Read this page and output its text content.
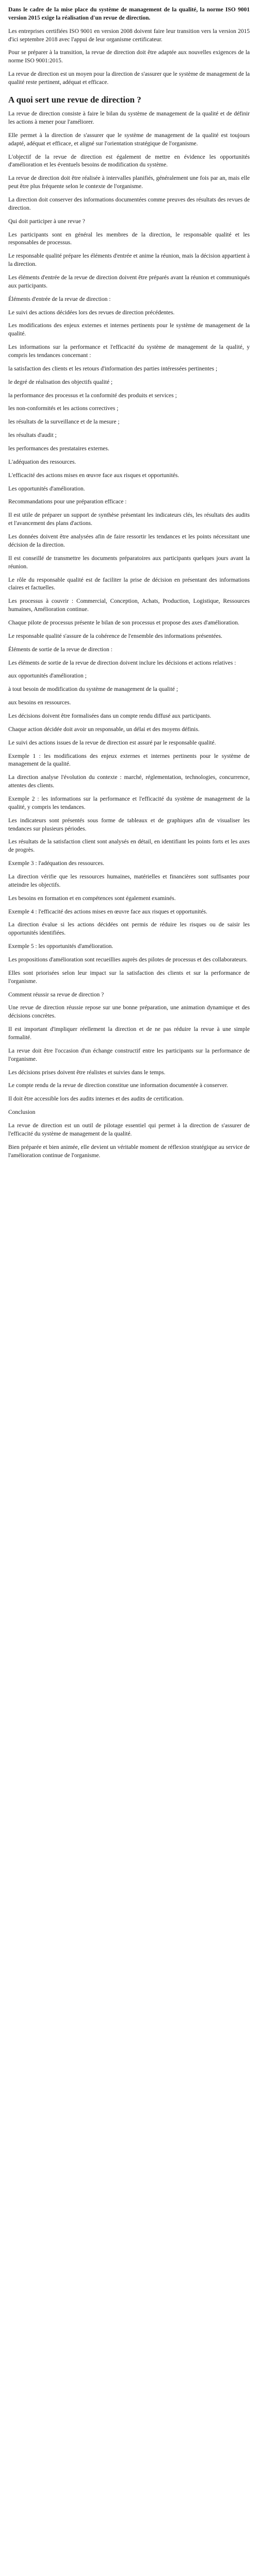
Dans le cadre de la mise place du système de management de la qualité, la norme ISO 9001 version 2015 exige la réalisation d'un revue de direction.

Les entreprises certifiées ISO 9001 en version 2008 doivent faire leur transition vers la version 2015 d'ici septembre 2018 avec l'appui de leur organisme certificateur.

Pour se préparer à la transition, la revue de direction doit être adaptée aux nouvelles exigences de la norme ISO 9001:2015.

La revue de direction est un moyen pour la direction de s'assurer que le système de management de la qualité reste pertinent, adéquat et efficace.

A quoi sert une revue de direction ?

La revue de direction consiste à faire le bilan du système de management de la qualité et de définir les actions à mener pour l'améliorer.

Elle permet à la direction de s'assurer que le système de management de la qualité est toujours adapté, adéquat et efficace, et aligné sur l'orientation stratégique de l'organisme.

L'objectif de la revue de direction est également de mettre en évidence les opportunités d'amélioration et les éventuels besoins de modification du système.

La revue de direction doit être réalisée à intervalles planifiés, généralement une fois par an, mais elle peut être plus fréquente selon le contexte de l'organisme.

La direction doit conserver des informations documentées comme preuves des résultats des revues de direction.

Qui doit participer à une revue ?

Les participants sont en général les membres de la direction, le responsable qualité et les responsables de processus.

Le responsable qualité prépare les éléments d'entrée et anime la réunion, mais la décision appartient à la direction.

Les éléments d'entrée de la revue de direction doivent être préparés avant la réunion et communiqués aux participants.

Éléments d'entrée de la revue de direction :

Le suivi des actions décidées lors des revues de direction précédentes.

Les modifications des enjeux externes et internes pertinents pour le système de management de la qualité.

Les informations sur la performance et l'efficacité du système de management de la qualité, y compris les tendances concernant :

la satisfaction des clients et les retours d'information des parties intéressées pertinentes ;

le degré de réalisation des objectifs qualité ;

la performance des processus et la conformité des produits et services ;

les non-conformités et les actions correctives ;

les résultats de la surveillance et de la mesure ;

les résultats d'audit ;

les performances des prestataires externes.

L'adéquation des ressources.

L'efficacité des actions mises en œuvre face aux risques et opportunités.

Les opportunités d'amélioration.

Recommandations pour une préparation efficace :

Il est utile de préparer un support de synthèse présentant les indicateurs clés, les résultats des audits et l'avancement des plans d'actions.

Les données doivent être analysées afin de faire ressortir les tendances et les points nécessitant une décision de la direction.

Il est conseillé de transmettre les documents préparatoires aux participants quelques jours avant la réunion.

Le rôle du responsable qualité est de faciliter la prise de décision en présentant des informations claires et factuelles.

Les processus à couvrir : Commercial, Conception, Achats, Production, Logistique, Ressources humaines, Amélioration continue.

Chaque pilote de processus présente le bilan de son processus et propose des axes d'amélioration.

Le responsable qualité s'assure de la cohérence de l'ensemble des informations présentées.

Éléments de sortie de la revue de direction :

Les éléments de sortie de la revue de direction doivent inclure les décisions et actions relatives :

aux opportunités d'amélioration ;

à tout besoin de modification du système de management de la qualité ;

aux besoins en ressources.

Les décisions doivent être formalisées dans un compte rendu diffusé aux participants.

Chaque action décidée doit avoir un responsable, un délai et des moyens définis.

Le suivi des actions issues de la revue de direction est assuré par le responsable qualité.

Exemple 1 : les modifications des enjeux externes et internes pertinents pour le système de management de la qualité.

La direction analyse l'évolution du contexte : marché, réglementation, technologies, concurrence, attentes des clients.

Exemple 2 : les informations sur la performance et l'efficacité du système de management de la qualité, y compris les tendances.

Les indicateurs sont présentés sous forme de tableaux et de graphiques afin de visualiser les tendances sur plusieurs périodes.

Les résultats de la satisfaction client sont analysés en détail, en identifiant les points forts et les axes de progrès.

Exemple 3 : l'adéquation des ressources.

La direction vérifie que les ressources humaines, matérielles et financières sont suffisantes pour atteindre les objectifs.

Les besoins en formation et en compétences sont également examinés.

Exemple 4 : l'efficacité des actions mises en œuvre face aux risques et opportunités.

La direction évalue si les actions décidées ont permis de réduire les risques ou de saisir les opportunités identifiées.

Exemple 5 : les opportunités d'amélioration.

Les propositions d'amélioration sont recueillies auprès des pilotes de processus et des collaborateurs.

Elles sont priorisées selon leur impact sur la satisfaction des clients et sur la performance de l'organisme.

Comment réussir sa revue de direction ?

Une revue de direction réussie repose sur une bonne préparation, une animation dynamique et des décisions concrètes.

Il est important d'impliquer réellement la direction et de ne pas réduire la revue à une simple formalité.

La revue doit être l'occasion d'un échange constructif entre les participants sur la performance de l'organisme.

Les décisions prises doivent être réalistes et suivies dans le temps.

Le compte rendu de la revue de direction constitue une information documentée à conserver.

Il doit être accessible lors des audits internes et des audits de certification.

Conclusion

La revue de direction est un outil de pilotage essentiel qui permet à la direction de s'assurer de l'efficacité du système de management de la qualité.

Bien préparée et bien animée, elle devient un véritable moment de réflexion stratégique au service de l'amélioration continue de l'organisme.
